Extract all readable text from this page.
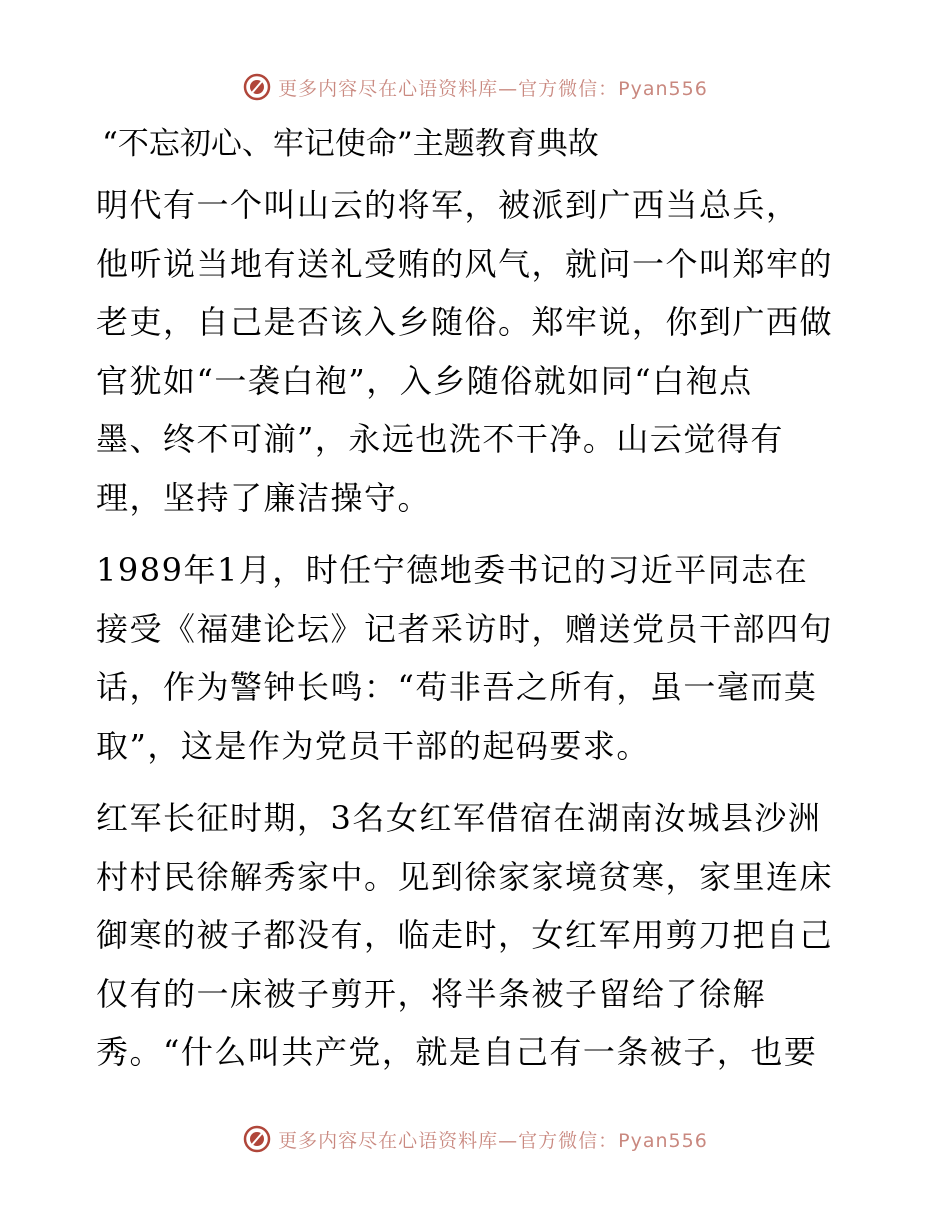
更多内容尽在心语资料库—官方微信：Pyan556
“不忘初心、牢记使命”主题教育典故
明代有一个叫山云的将军，被派到广西当总兵，
他听说当地有送礼受贿的风气，就问一个叫郑牢的
老吏，自己是否该入乡随俗。郑牢说，你到广西做
官犹如“一袭白袍”，入乡随俗就如同“白袍点
墨、终不可湔”，永远也洗不干净。山云觉得有
理，坚持了廉洁操守。
1989年1月，时任宁德地委书记的习近平同志在
接受《福建论坛》记者采访时，赠送党员干部四句
话，作为警钟长鸣：“苟非吾之所有，虽一毫而莫
取”，这是作为党员干部的起码要求。
红军长征时期，3名女红军借宿在湖南汝城县沙洲
村村民徐解秀家中。见到徐家家境贫寒，家里连床
御寒的被子都没有，临走时，女红军用剪刀把自己
仅有的一床被子剪开，将半条被子留给了徐解
秀。“什么叫共产党，就是自己有一条被子，也要
更多内容尽在心语资料库—官方微信：Pyan556
